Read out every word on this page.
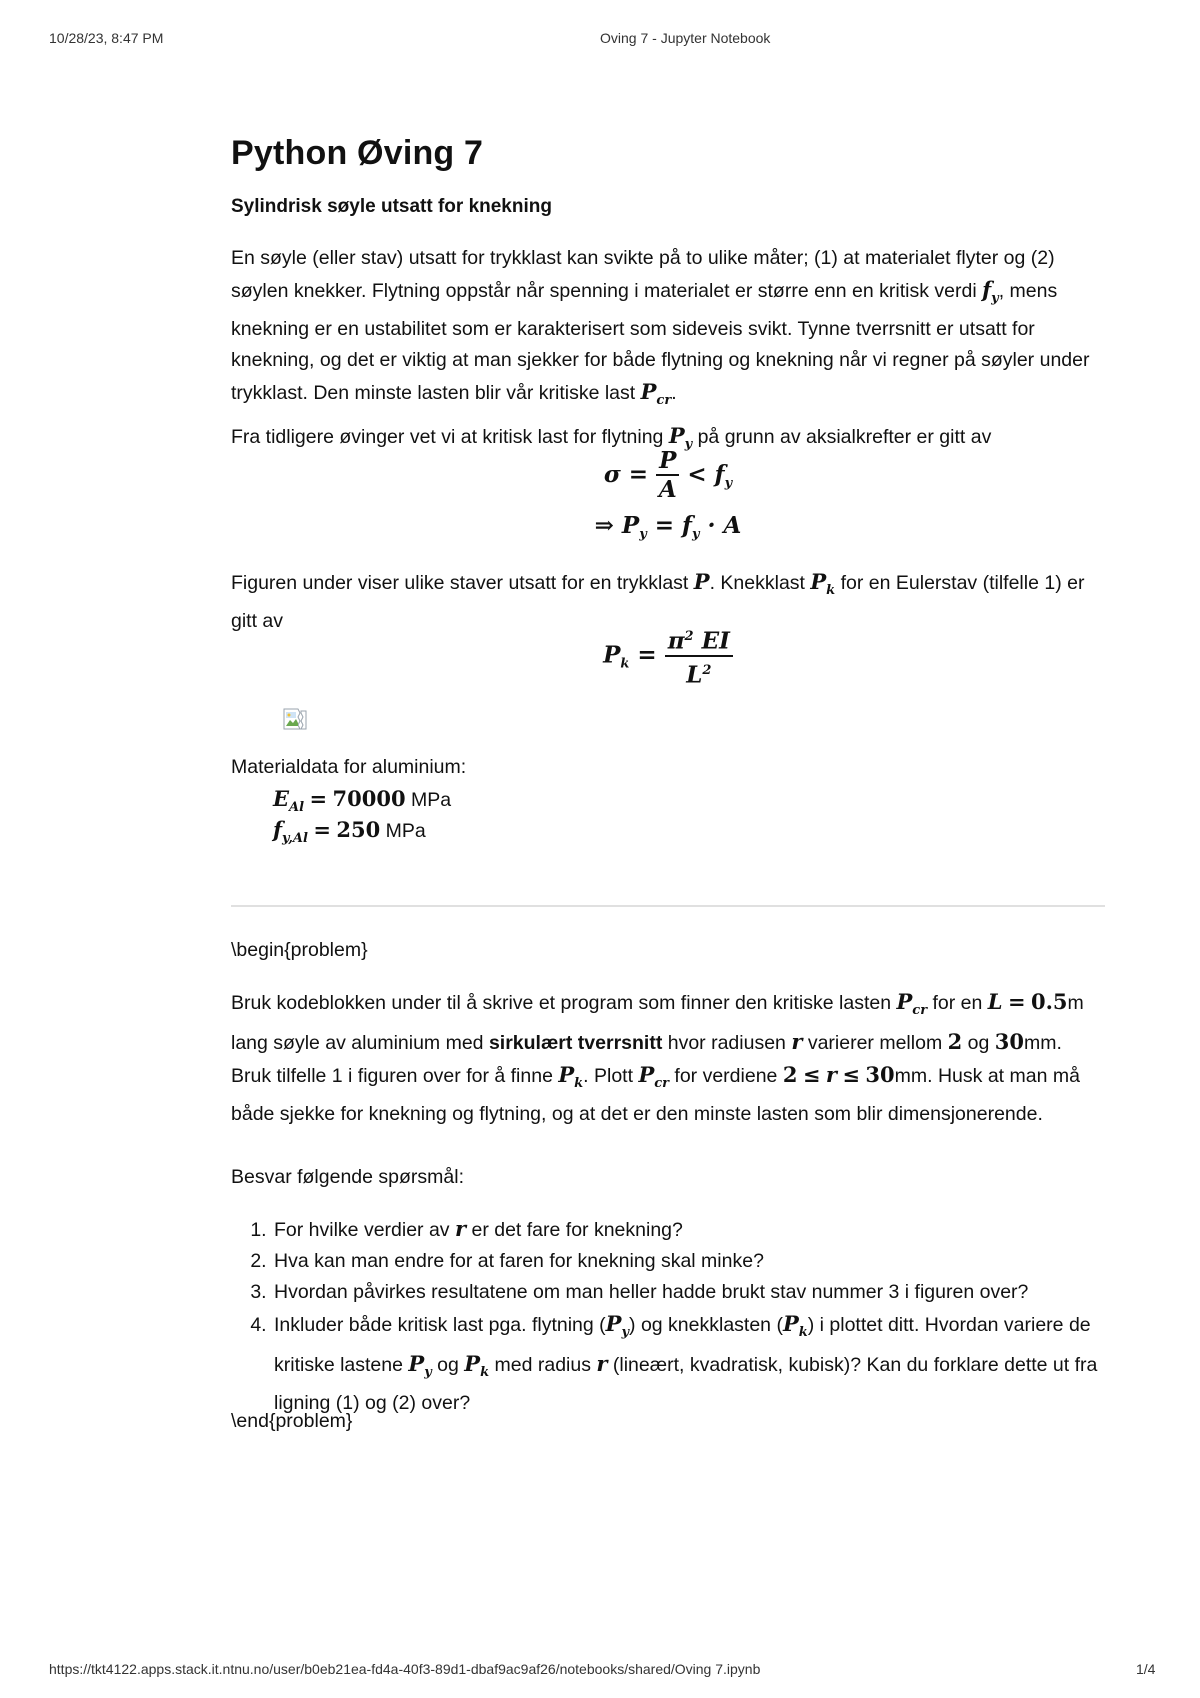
10/28/23, 8:47 PM	Oving 7 - Jupyter Notebook
Python Øving 7
Sylindrisk søyle utsatt for knekning

En søyle (eller stav) utsatt for trykklast kan svikte på to ulike måter; (1) at materialet flyter og (2) søylen knekker. Flytning oppstår når spenning i materialet er større enn en kritisk verdi $f_y$, mens knekning er en ustabilitet som er karakterisert som sideveis svikt. Tynne tverrsnitt er utsatt for knekning, og det er viktig at man sjekker for både flytning og knekning når vi regner på søyler under trykklast. Den minste lasten blir vår kritiske last $P_{cr}$.

Fra tidligere øvinger vet vi at kritisk last for flytning $P_y$ på grunn av aksialkrefter er gitt av

$\sigma = \frac{P}{A} < f_y$
⇒ $P_y = f_y \cdot A$

Figuren under viser ulike staver utsatt for en trykklast P. Knekklast $P_k$ for en Eulerstav (tilfelle 1) er gitt av

$P_k = \frac{\pi^2 EI}{L^2}$

Materialdata for aluminium:

$E_{Al} = 70000$ MPa

$f_{y,Al} = 250$ MPa

\begin{problem}

Bruk kodeblokken under til å skrive et program som finner den kritiske lasten $P_{cr}$ for en L = 0.5m lang søyle av aluminium med sirkulært tverrsnitt hvor radiusen r varierer mellom 2 og 30mm. Bruk tilfelle 1 i figuren over for å finne $P_k$. Plott $P_{cr}$ for verdiene 2 ≤ r ≤ 30mm. Husk at man må både sjekke for knekning og flytning, og at det er den minste lasten som blir dimensjonerende.

Besvar følgende spørsmål:

1. For hvilke verdier av r er det fare for knekning?
2. Hva kan man endre for at faren for knekning skal minke?
3. Hvordan påvirkes resultatene om man heller hadde brukt stav nummer 3 i figuren over?
4. Inkluder både kritisk last pga. flytning $(P_y)$ og knekklasten $(P_k)$ i plottet ditt. Hvordan variere de kritiske lastene $P_y$ og $P_k$ med radius r (lineært, kvadratisk, kubisk)? Kan du forklare dette ut fra ligning (1) og (2) over?

\end{problem}

https://tkt4122.apps.stack.it.ntnu.no/user/b0eb21ea-fd4a-40f3-89d1-dbaf9ac9af26/notebooks/shared/Oving 7.ipynb	1/4
